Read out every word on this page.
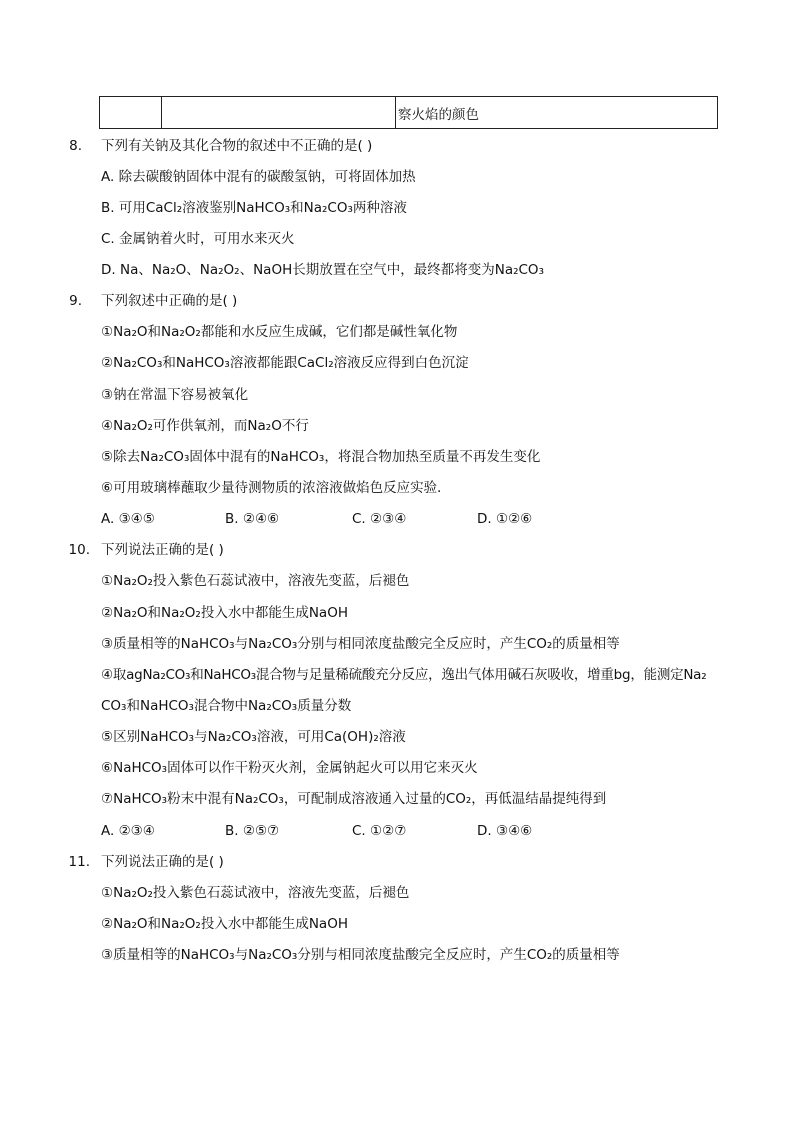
		察火焰的颜色
8. 下列有关钠及其化合物的叙述中不正确的是( )
A. 除去碳酸钠固体中混有的碳酸氢钠，可将固体加热
B. 可用CaCl₂溶液鉴别NaHCO₃和Na₂CO₃两种溶液
C. 金属钠着火时，可用水来灭火
D. Na、Na₂O、Na₂O₂、NaOH长期放置在空气中，最终都将变为Na₂CO₃
9. 下列叙述中正确的是( )
①Na₂O和Na₂O₂都能和水反应生成碱，它们都是碱性氧化物
②Na₂CO₃和NaHCO₃溶液都能跟CaCl₂溶液反应得到白色沉淀
③钠在常温下容易被氧化
④Na₂O₂可作供氧剂，而Na₂O不行
⑤除去Na₂CO₃固体中混有的NaHCO₃，将混合物加热至质量不再发生变化
⑥可用玻璃棒蘸取少量待测物质的浓溶液做焰色反应实验．
A. ③④⑤	B. ②④⑥	C. ②③④	D. ①②⑥
10. 下列说法正确的是( )
①Na₂O₂投入紫色石蕊试液中，溶液先变蓝，后褪色
②Na₂O和Na₂O₂投入水中都能生成NaOH
③质量相等的NaHCO₃与Na₂CO₃分别与相同浓度盐酸完全反应时，产生CO₂的质量相等
④取agNa₂CO₃和NaHCO₃混合物与足量稀硫酸充分反应，逸出气体用碱石灰吸收，增重bg，能测定Na₂
CO₃和NaHCO₃混合物中Na₂CO₃质量分数
⑤区别NaHCO₃与Na₂CO₃溶液，可用Ca(OH)₂溶液
⑥NaHCO₃固体可以作干粉灭火剂，金属钠起火可以用它来灭火
⑦NaHCO₃粉末中混有Na₂CO₃，可配制成溶液通入过量的CO₂，再低温结晶提纯得到
A. ②③④	B. ②⑤⑦	C. ①②⑦	D. ③④⑥
11. 下列说法正确的是( )
①Na₂O₂投入紫色石蕊试液中，溶液先变蓝，后褪色
②Na₂O和Na₂O₂投入水中都能生成NaOH
③质量相等的NaHCO₃与Na₂CO₃分别与相同浓度盐酸完全反应时，产生CO₂的质量相等
